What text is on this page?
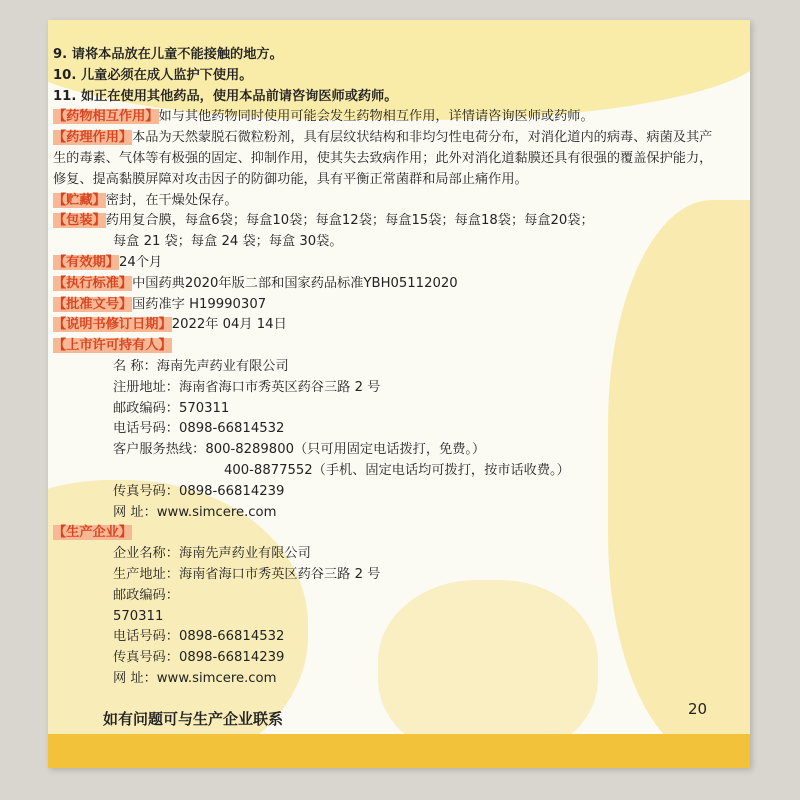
9. 请将本品放在儿童不能接触的地方。
10. 儿童必须在成人监护下使用。
11. 如正在使用其他药品，使用本品前请咨询医师或药师。
【药物相互作用】如与其他药物同时使用可能会发生药物相互作用，详情请咨询医师或药师。
【药理作用】本品为天然蒙脱石微粒粉剂，具有层纹状结构和非均匀性电荷分布，对消化道内的病毒、病菌及其产生的毒素、气体等有极强的固定、抑制作用，使其失去致病作用；此外对消化道黏膜还具有很强的覆盖保护能力，修复、提高黏膜屏障对攻击因子的防御功能，具有平衡正常菌群和局部止痛作用。
【贮藏】密封，在干燥处保存。
【包装】药用复合膜，每盒6袋；每盒10袋；每盒12袋；每盒15袋；每盒18袋；每盒20袋；
每盒 21 袋；每盒 24 袋；每盒 30袋。
【有效期】24个月
【执行标准】中国药典2020年版二部和国家药品标准YBH05112020
【批准文号】国药准字 H19990307
【说明书修订日期】2022年 04月 14日
【上市许可持有人】
名 称：海南先声药业有限公司
注册地址：海南省海口市秀英区药谷三路 2 号
邮政编码：570311
电话号码：0898-66814532
客户服务热线：800-8289800（只可用固定电话拨打，免费。）
400-8877552（手机、固定电话均可拨打，按市话收费。）
传真号码：0898-66814239
网 址：www.simcere.com
【生产企业】
企业名称：海南先声药业有限公司
生产地址：海南省海口市秀英区药谷三路 2 号
邮政编码：
570311
电话号码：0898-66814532
传真号码：0898-66814239
网 址：www.simcere.com
如有问题可与生产企业联系
20
